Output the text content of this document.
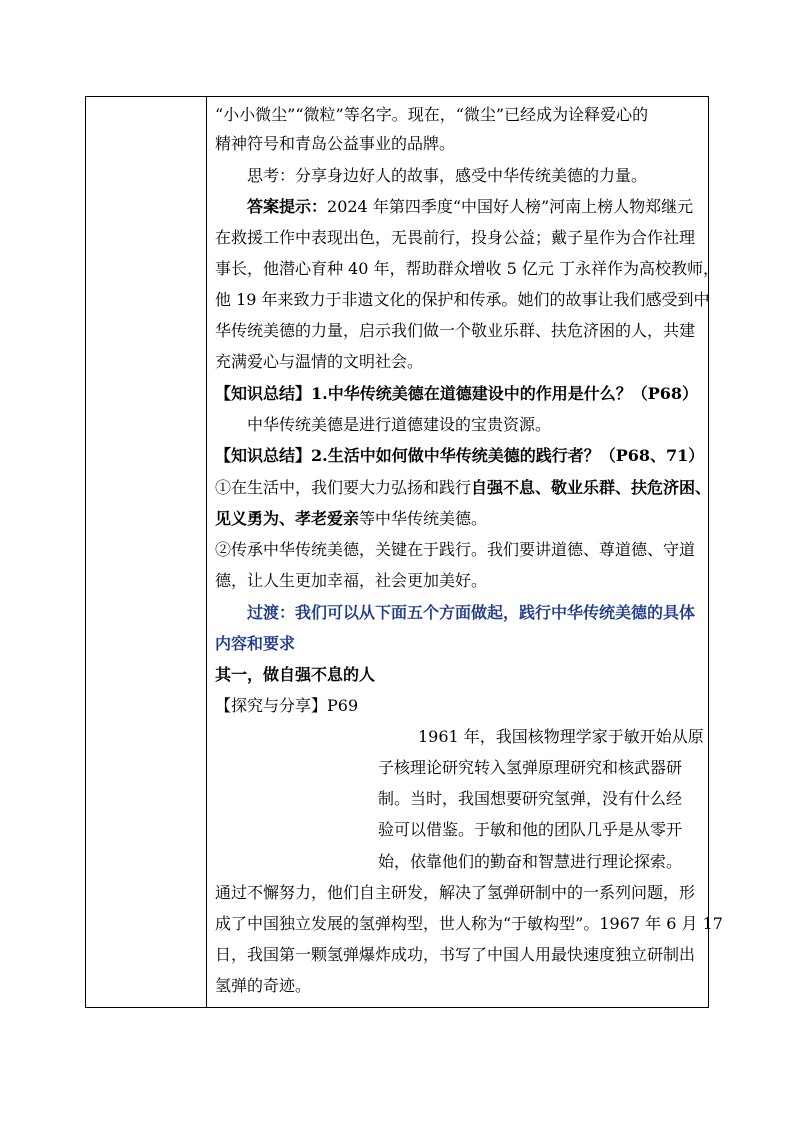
“小小微尘”“微粒”等名字。现在，“微尘”已经成为诠释爱心的
精神符号和青岛公益事业的品牌。
思考：分享身边好人的故事，感受中华传统美德的力量。
答案提示：2024 年第四季度“中国好人榜”河南上榜人物郑继元
在救援工作中表现出色，无畏前行，投身公益；戴子星作为合作社理
事长，他潜心育种 40 年，帮助群众增收 5 亿元 丁永祥作为高校教师，
他 19 年来致力于非遗文化的保护和传承。她们的故事让我们感受到中
华传统美德的力量，启示我们做一个敬业乐群、扶危济困的人，共建
充满爱心与温情的文明社会。
【知识总结】1.中华传统美德在道德建设中的作用是什么？（P68）
中华传统美德是进行道德建设的宝贵资源。
【知识总结】2.生活中如何做中华传统美德的践行者？（P68、71）
①在生活中，我们要大力弘扬和践行自强不息、敬业乐群、扶危济困、
见义勇为、孝老爱亲等中华传统美德。
②传承中华传统美德，关键在于践行。我们要讲道德、尊道德、守道
德，让人生更加幸福，社会更加美好。
过渡：我们可以从下面五个方面做起，践行中华传统美德的具体
内容和要求
其一，做自强不息的人
【探究与分享】P69
1961 年，我国核物理学家于敏开始从原
子核理论研究转入氢弹原理研究和核武器研
制。当时，我国想要研究氢弹，没有什么经
验可以借鉴。于敏和他的团队几乎是从零开
始，依靠他们的勤奋和智慧进行理论探索。
通过不懈努力，他们自主研发，解决了氢弹研制中的一系列问题，形
成了中国独立发展的氢弹构型，世人称为“于敏构型”。1967 年 6 月 17
日，我国第一颗氢弹爆炸成功，书写了中国人用最快速度独立研制出
氢弹的奇迹。
